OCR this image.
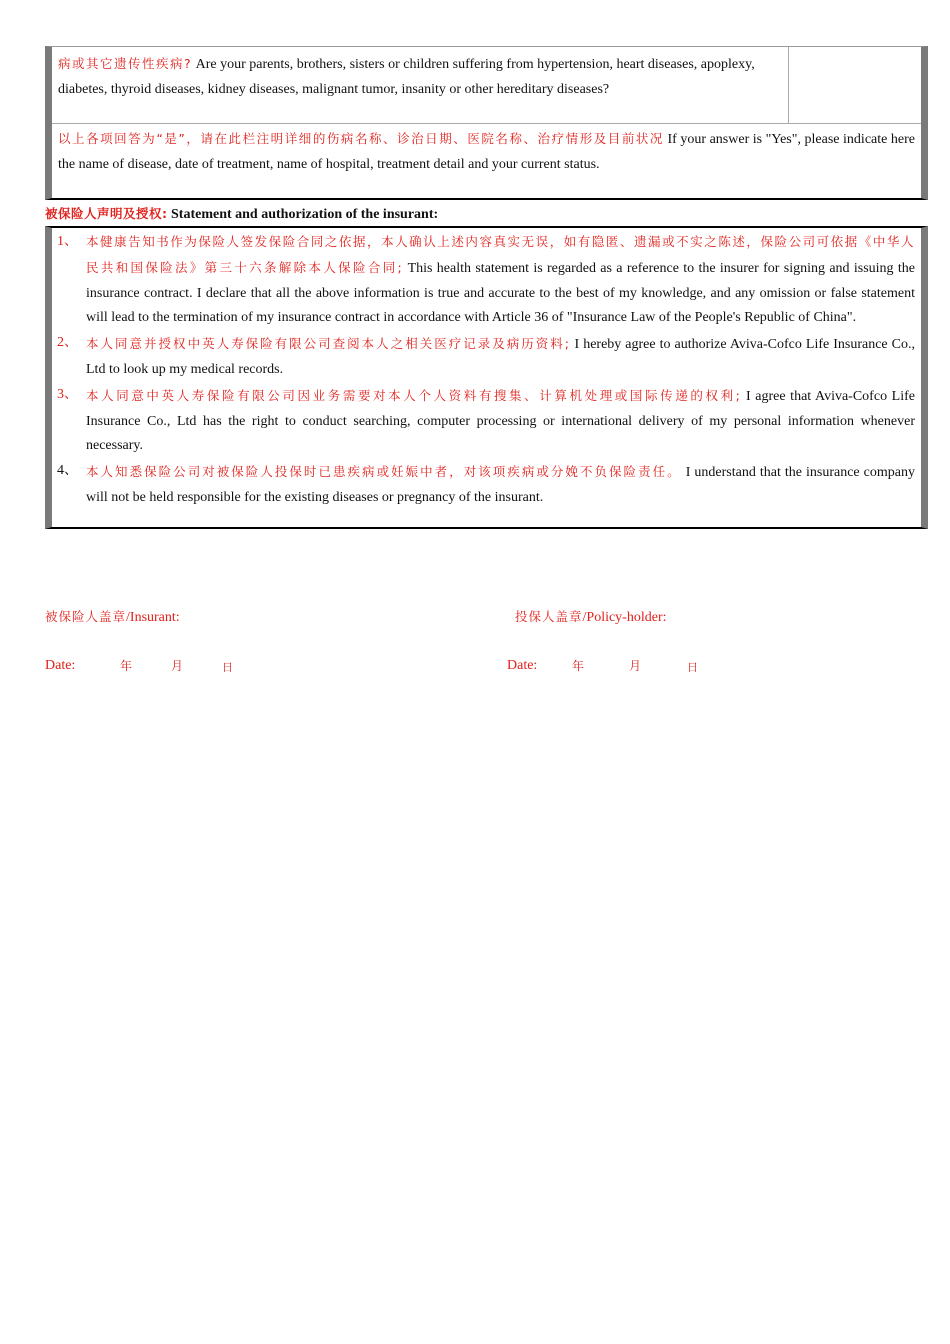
病或其它遗传性疾病? Are your parents, brothers, sisters or children suffering from hypertension, heart diseases, apoplexy, diabetes, thyroid diseases, kidney diseases, malignant tumor, insanity or other hereditary diseases?
以上各项回答为“是”，请在此栏注明详细的伤病名称、诊治日期、医院名称、治疗情形及目前状况 If your answer is "Yes", please indicate here the name of disease, date of treatment, name of hospital, treatment detail and your current status.
被保险人声明及授权: Statement and authorization of the insurant:
1、 本健康告知书作为保险人签发保险合同之依据，本人确认上述内容真实无误，如有隐匿、遗漏或不实之陈述，保险公司可依据《中华人民共和国保险法》第三十六条解除本人保险合同; This health statement is regarded as a reference to the insurer for signing and issuing the insurance contract. I declare that all the above information is true and accurate to the best of my knowledge, and any omission or false statement will lead to the termination of my insurance contract in accordance with Article 36 of "Insurance Law of the People's Republic of China".
2、 本人同意并授权中英人寿保险有限公司查阅本人之相关医疗记录及病历资料; I hereby agree to authorize Aviva-Cofco Life Insurance Co., Ltd to look up my medical records.
3、 本人同意中英人寿保险有限公司因业务需要对本人个人资料有搜集、计算机处理或国际传递的权利; I agree that Aviva-Cofco Life Insurance Co., Ltd has the right to conduct searching, computer processing or international delivery of my personal information whenever necessary.
4、 本人知悉保险公司对被保险人投保时已患疾病或妊娠中者，对该项疾病或分娩不负保险责任。 I understand that the insurance company will not be held responsible for the existing diseases or pregnancy of the insurant.
被保险人盖章/Insurant:	投保人盖章/Policy-holder:
Date:	年	月	日	Date:	年	月	日
